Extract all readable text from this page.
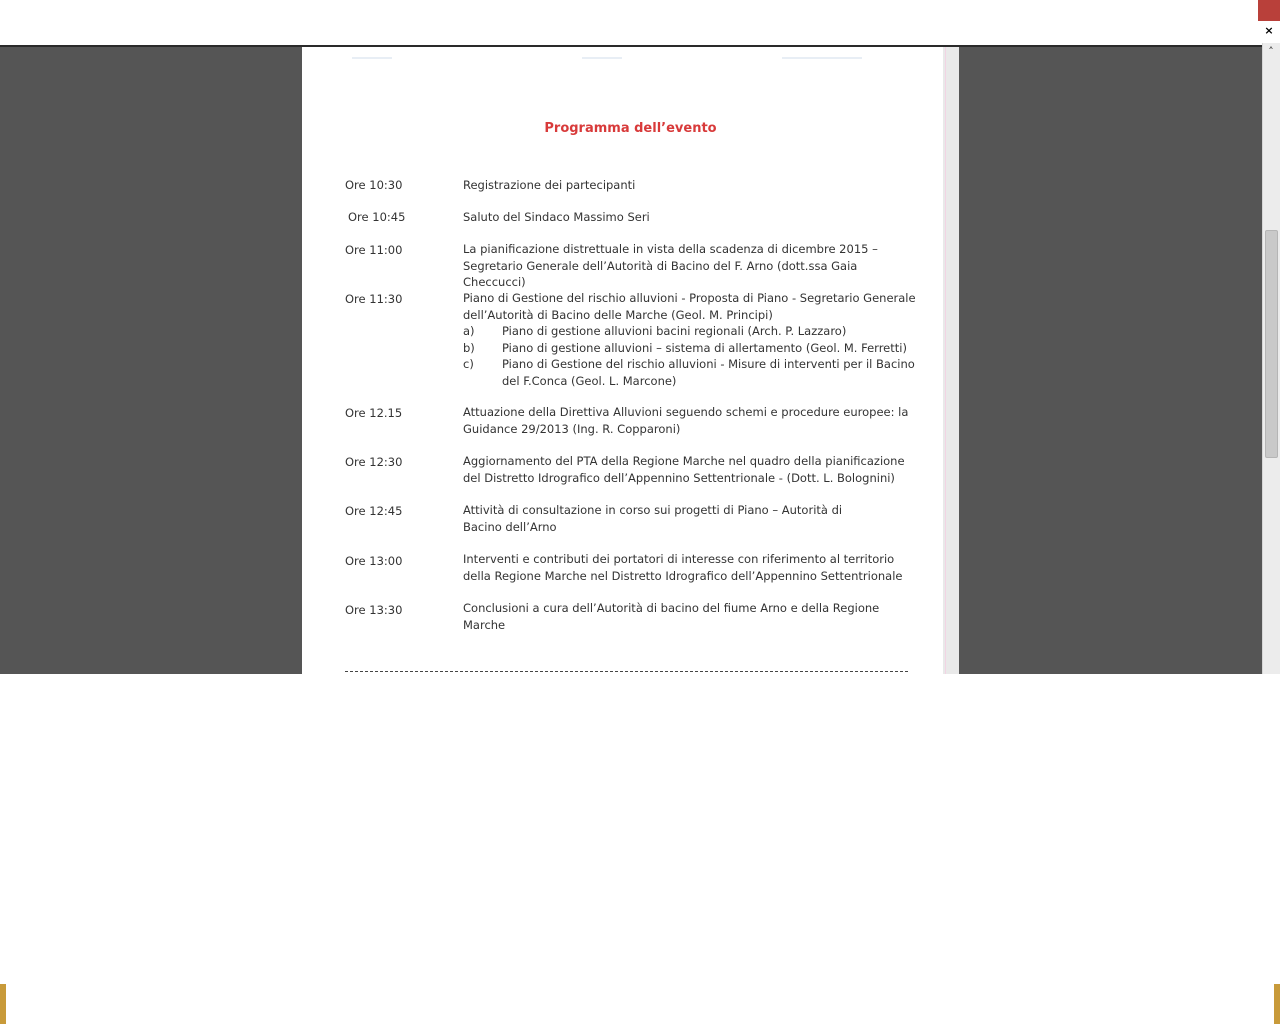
Programma dell’evento
Ore 10:30	Registrazione dei partecipanti
Ore 10:45	Saluto del Sindaco Massimo Seri
Ore 11:00	La pianificazione distrettuale in vista della scadenza di dicembre 2015 – Segretario Generale dell’Autorità di Bacino del F. Arno (dott.ssa Gaia Checcucci)
Ore 11:30	Piano di Gestione del rischio alluvioni - Proposta di Piano - Segretario Generale dell’Autorità di Bacino delle Marche (Geol. M. Principi)
a) Piano di gestione alluvioni bacini regionali (Arch. P. Lazzaro)
b) Piano di gestione alluvioni – sistema di allertamento (Geol. M. Ferretti)
c) Piano di Gestione del rischio alluvioni - Misure di interventi per il Bacino del F.Conca (Geol. L. Marcone)
Ore 12.15	Attuazione della Direttiva Alluvioni seguendo schemi e procedure europee: la Guidance 29/2013 (Ing. R. Copparoni)
Ore 12:30	Aggiornamento del PTA della Regione Marche nel quadro della pianificazione del Distretto Idrografico dell’Appennino Settentrionale - (Dott. L. Bolognini)
Ore 12:45	Attività di consultazione in corso sui progetti di Piano – Autorità di Bacino dell’Arno
Ore 13:00	Interventi e contributi dei portatori di interesse con riferimento al territorio della Regione Marche nel Distretto Idrografico dell’Appennino Settentrionale
Ore 13:30	Conclusioni a cura dell’Autorità di bacino del fiume Arno e della Regione Marche
×
˄
